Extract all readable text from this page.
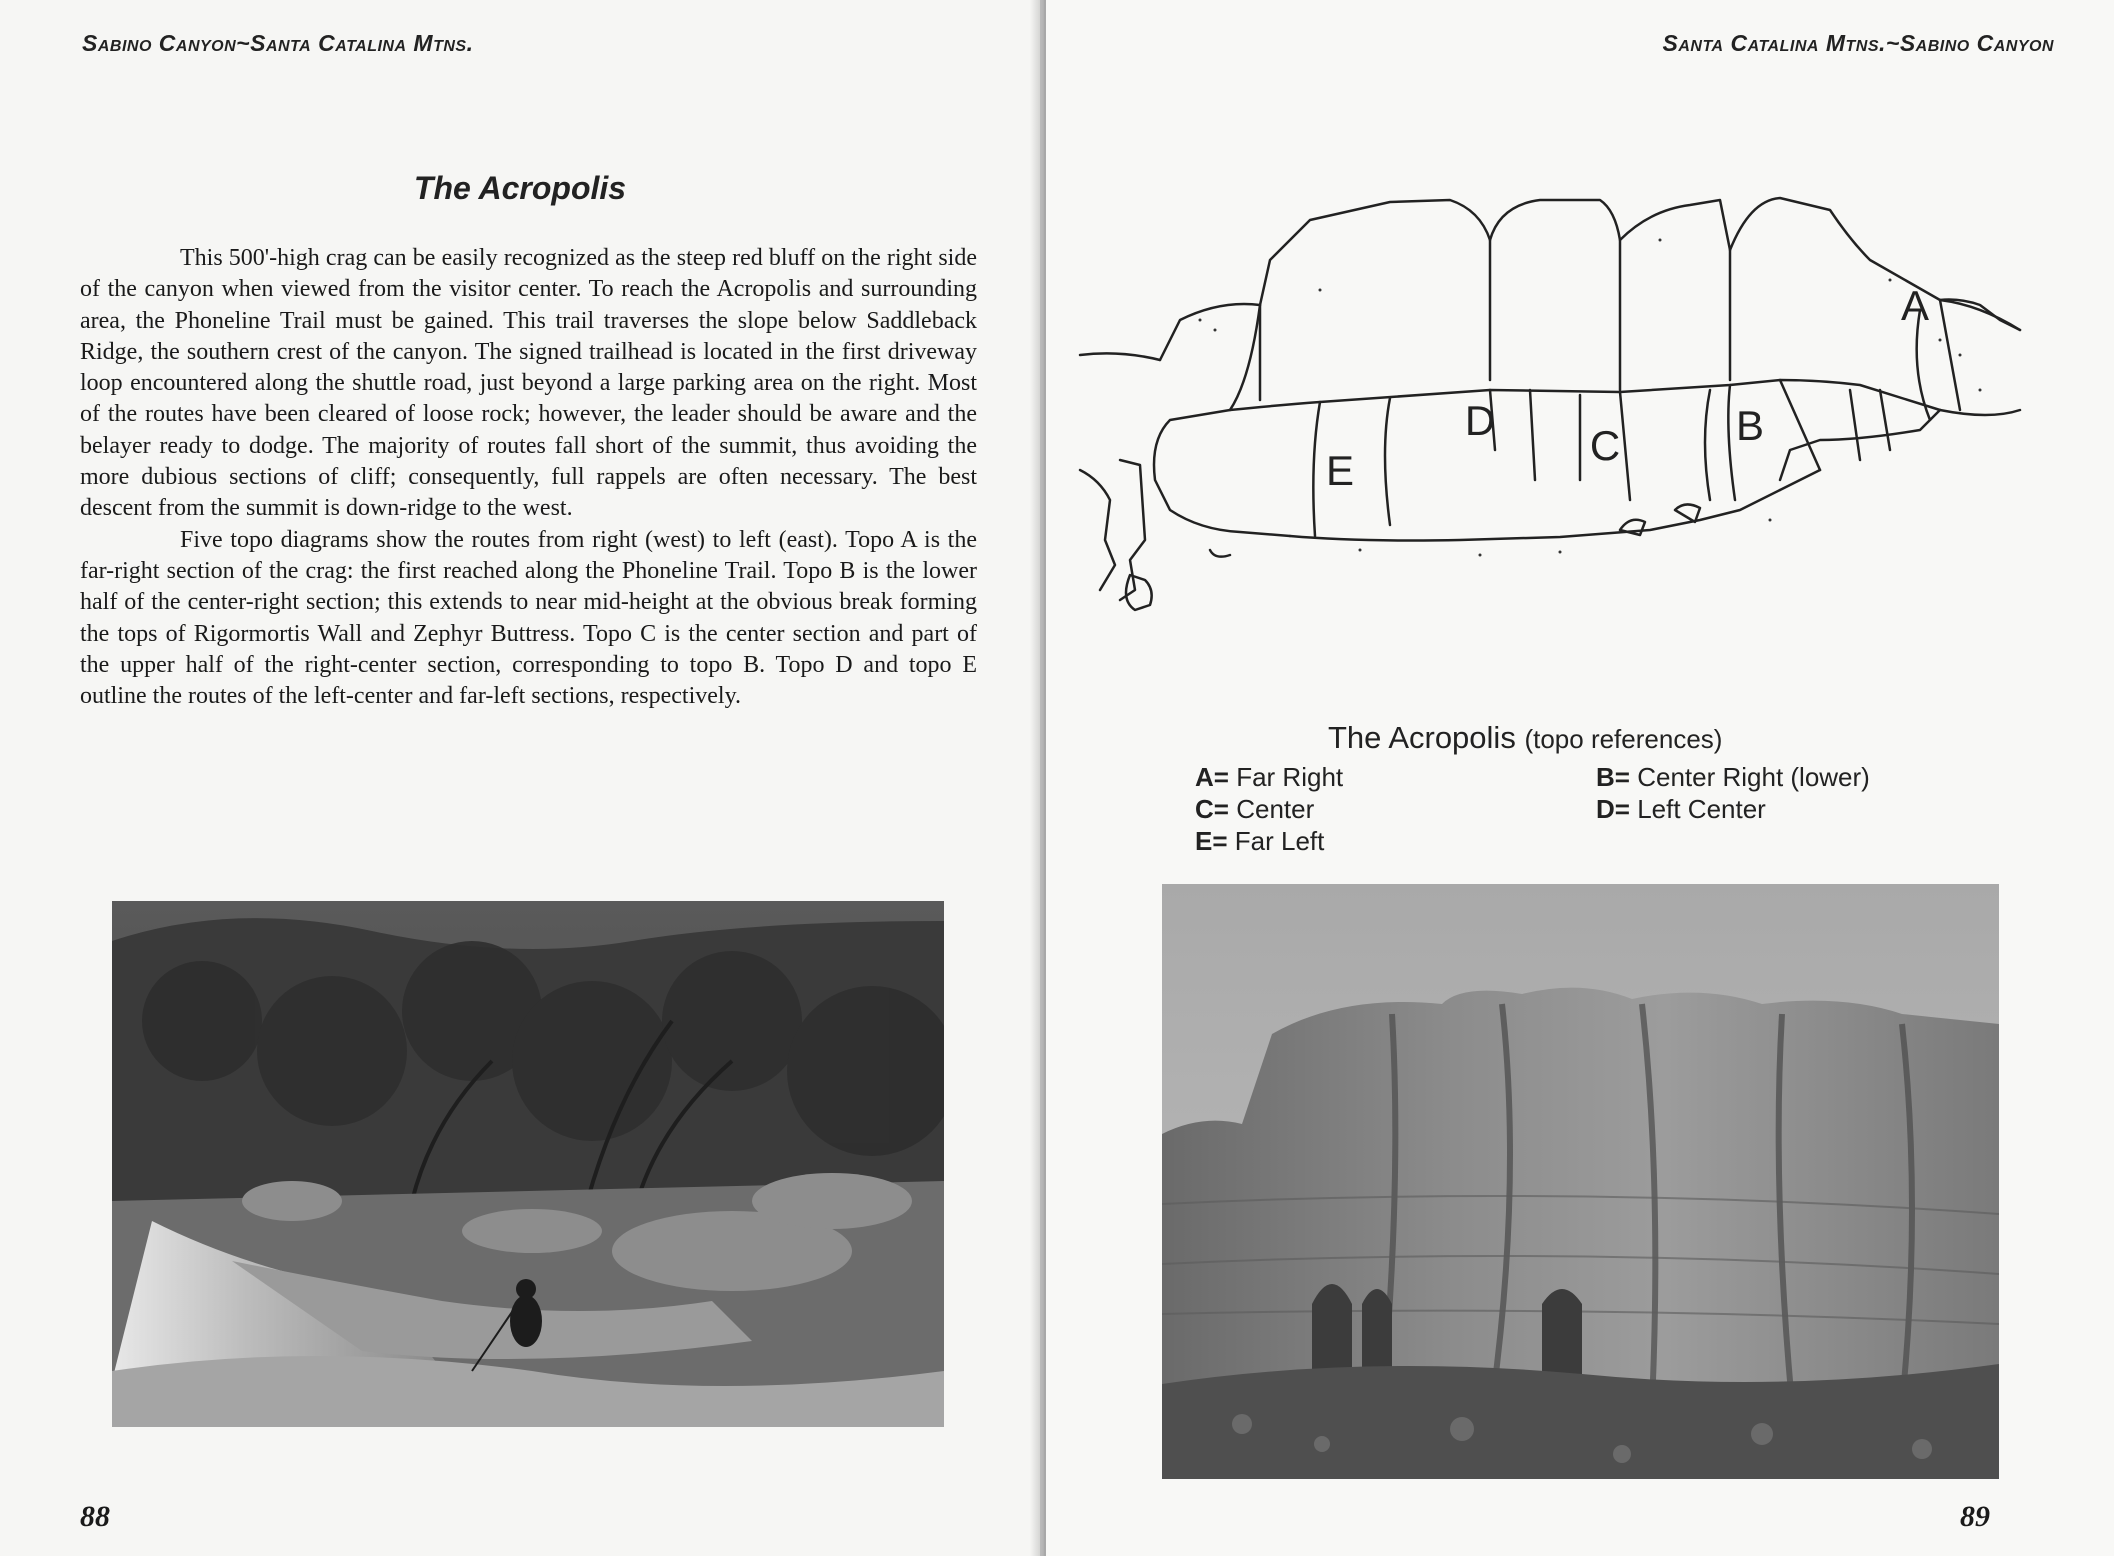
Sabino Canyon~Santa Catalina Mtns.

The Acropolis

This 500'-high crag can be easily recognized as the steep red bluff on the right side of the canyon when viewed from the visitor center. To reach the Acropolis and surrounding area, the Phoneline Trail must be gained. This trail traverses the slope below Saddleback Ridge, the southern crest of the canyon. The signed trailhead is located in the first driveway loop encountered along the shuttle road, just beyond a large parking area on the right. Most of the routes have been cleared of loose rock; however, the leader should be aware and the belayer ready to dodge. The majority of routes fall short of the summit, thus avoiding the more dubious sections of cliff; consequently, full rappels are often necessary. The best descent from the summit is down-ridge to the west.

Five topo diagrams show the routes from right (west) to left (east). Topo A is the far-right section of the crag: the first reached along the Phoneline Trail. Topo B is the lower half of the center-right section; this extends to near mid-height at the obvious break forming the tops of Rigormortis Wall and Zephyr Buttress. Topo C is the center section and part of the upper half of the right-center section, corresponding to topo B. Topo D and topo E outline the routes of the left-center and far-left sections, respectively.

88

Santa Catalina Mtns.~Sabino Canyon

A
B
C
D
E

The Acropolis (topo references)

A= Far Right	B= Center Right (lower)

C= Center	D= Left Center

E= Far Left

89
